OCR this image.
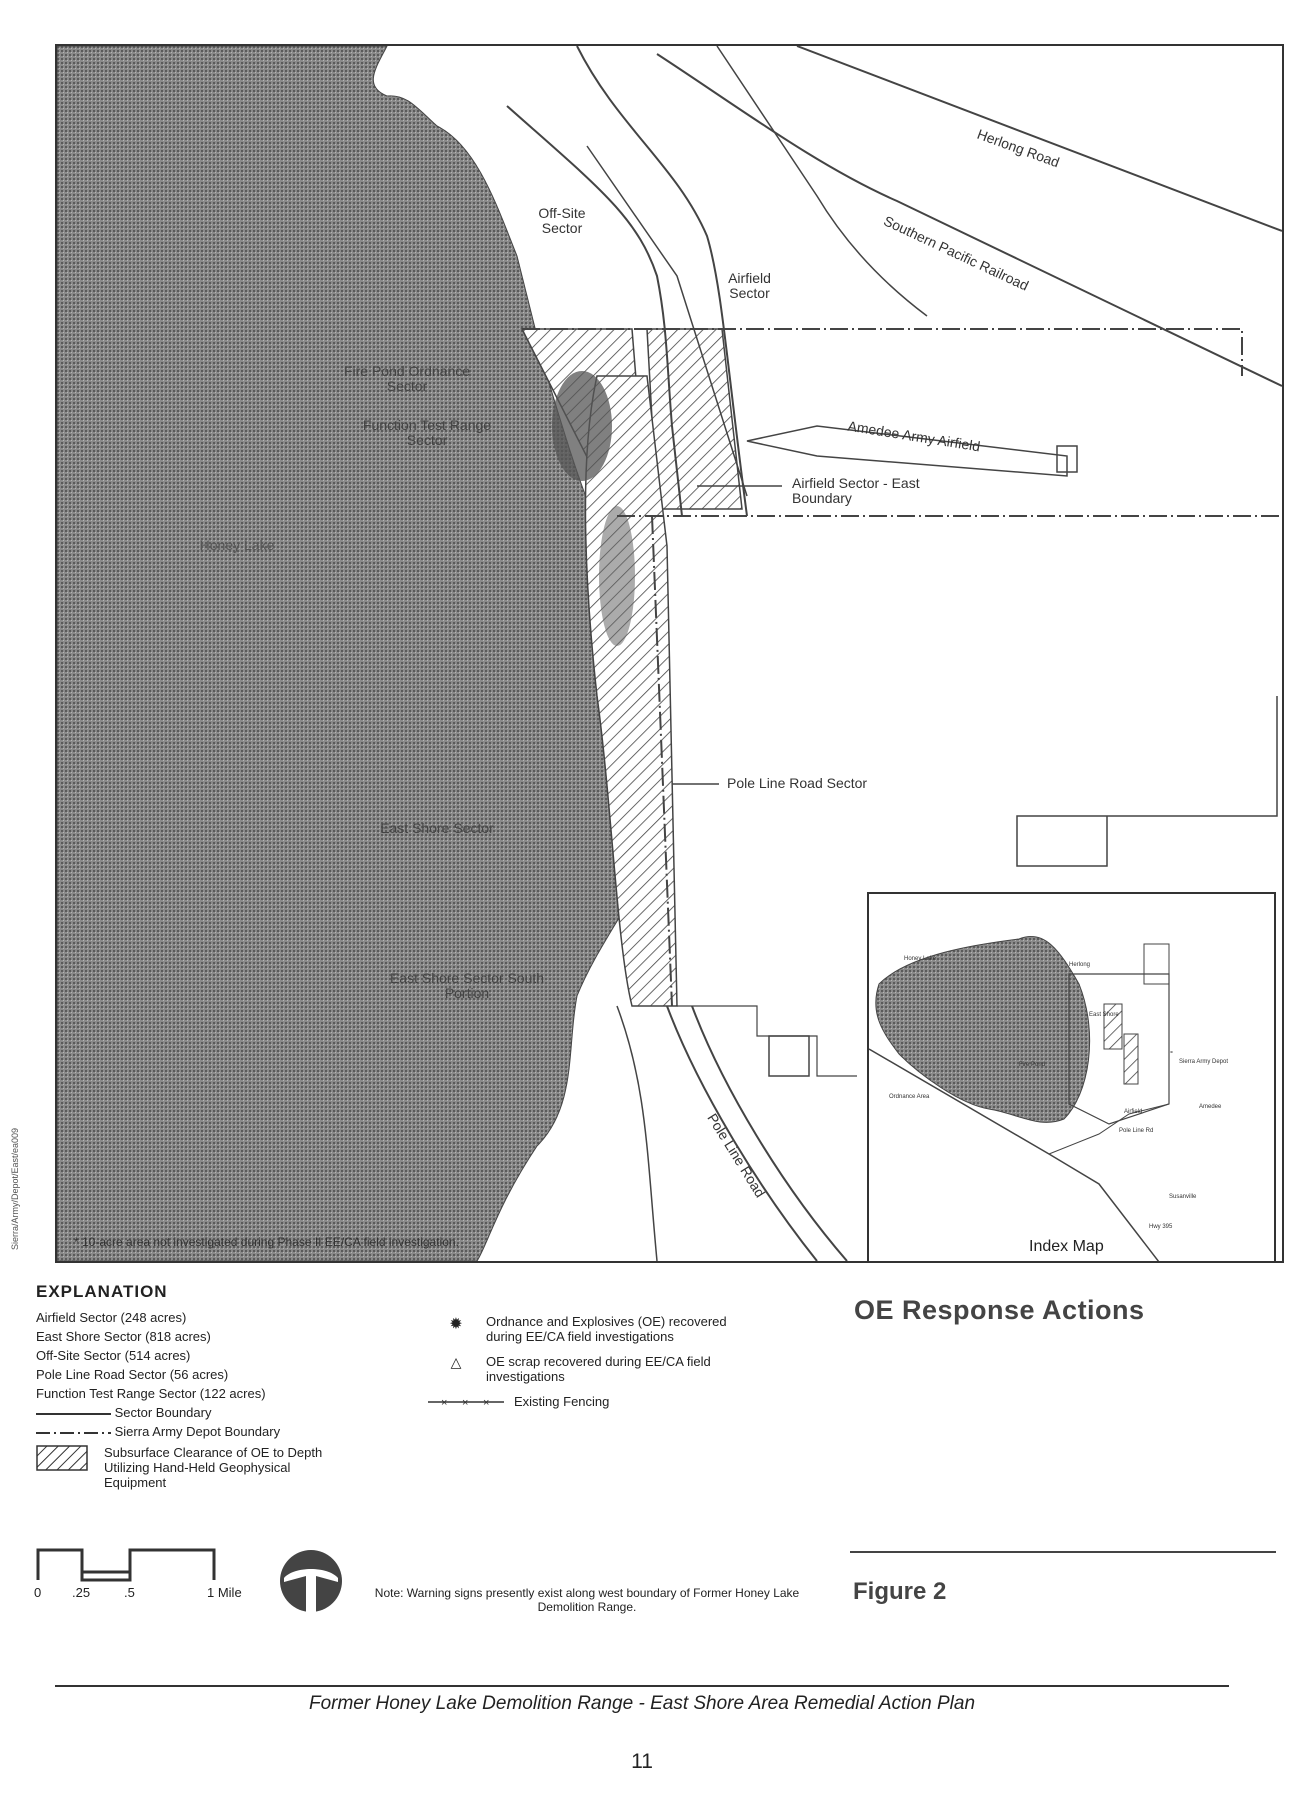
Herlong Road
Southern Pacific Railroad
Off-Site Sector
Airfield Sector
Fire Pond Ordnance Sector
Function Test Range Sector	Amedee Army Airfield
Airfield Sector - East Boundary
Honey Lake
Pole Line Road Sector
East Shore Sector
East Shore Sector South Portion
Pole Line Road
⚬
Honey Lake
Herlong
East Shore
Fire Pond
Airfield
Pole Line Rd
Sierra Army Depot
Amedee
Ordnance Area
Susanville
Hwy 395
Index Map
* 10-acre area not investigated during Phase II EE/CA field investigation.
Sierra/Army/Depot/East/ea009
EXPLANATION
Airfield Sector (248 acres)
East Shore Sector (818 acres)
Off-Site Sector (514 acres)
Pole Line Road Sector (56 acres)
Function Test Range Sector (122 acres)
Sector Boundary
Sierra Army Depot Boundary
Subsurface Clearance of OE to Depth Utilizing Hand-Held Geophysical Equipment
✹	Ordnance and Explosives (OE) recovered during EE/CA field investigations
△	OE scrap recovered during EE/CA field investigations
× × × Existing Fencing
0 .25	.5	1 Mile	Note: Warning signs presently exist along west boundary of Former Honey Lake Demolition Range.
OE Response Actions
Figure 2
Former Honey Lake Demolition Range - East Shore Area Remedial Action Plan
11
